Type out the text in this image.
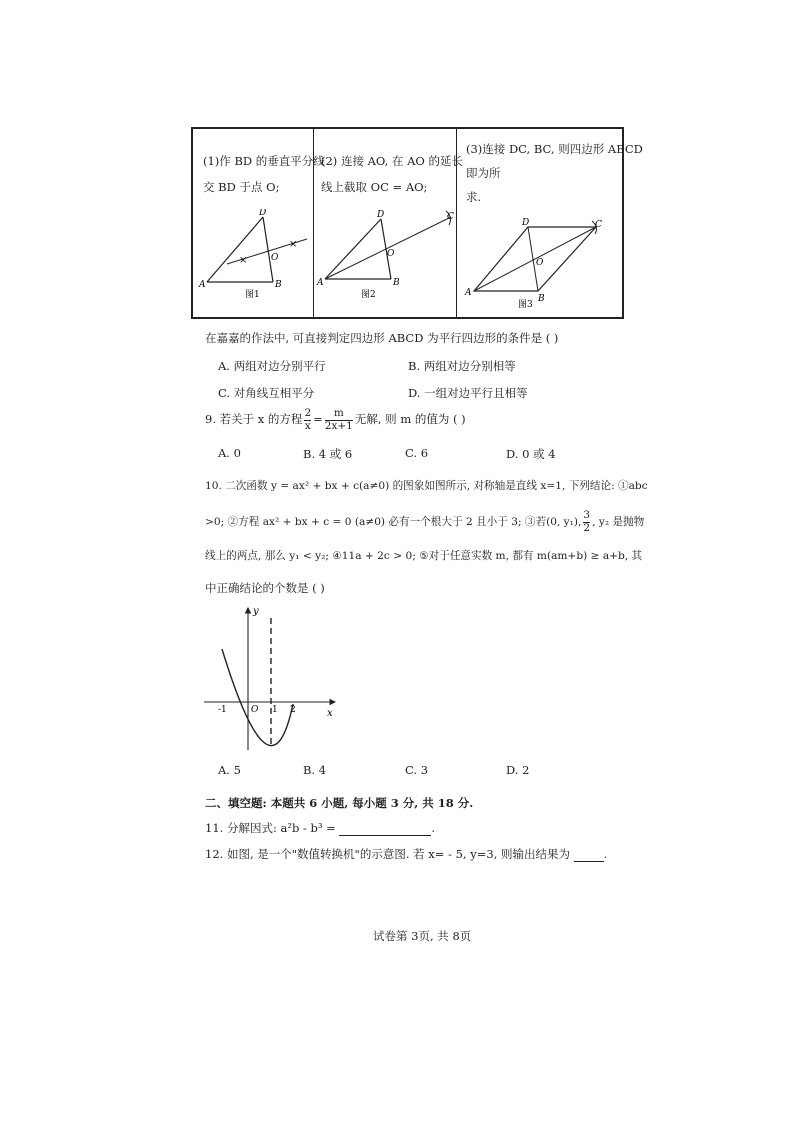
(1)作 BD 的垂直平分线
交 BD 于点 O;
×
×
A	B
D
O
图1
(2) 连接 AO, 在 AO 的延长
线上截取 OC = AO;
A	B
C
D
O
图2
(3)连接 DC, BC, 则四边形 ABCD
即为所
求.
A
B
C
D
O
图3
在嘉嘉的作法中, 可直接判定四边形 ABCD 为平行四边形的条件是 ( )
A. 两组对边分别平行	B. 两组对边分别相等
C. 对角线互相平分	D. 一组对边平行且相等
9. 若关于 x 的方程 $\frac{2}{x} = \frac{m}{2x+1}$ 无解, 则 m 的值为 ( )
A. 0	B. 4 或 6	C. 6	D. 0 或 4
10. 二次函数 y = ax² + bx + c(a≠0) 的图象如图所示, 对称轴是直线 x=1, 下列结论: ①abc
>0; ②方程 ax² + bx + c = 0 (a≠0) 必有一个根大于 2 且小于 3; ③若(0, y₁), $\frac{3}{2}$ , y₂ 是抛物
线上的两点, 那么 y₁ < y₂; ④11a + 2c > 0; ⑤对于任意实数 m, 都有 m(am+b) ≥ a+b, 其
中正确结论的个数是 ( )
x
y
O
-1	1 2
A. 5	B. 4	C. 3	D. 2
二、填空题: 本题共 6 小题, 每小题 3 分, 共 18 分.
11. 分解因式: a²b - b³ =	.
12. 如图, 是一个"数值转换机"的示意图. 若 x= - 5, y=3, 则输出结果为	.
试卷第 3页, 共 8页
